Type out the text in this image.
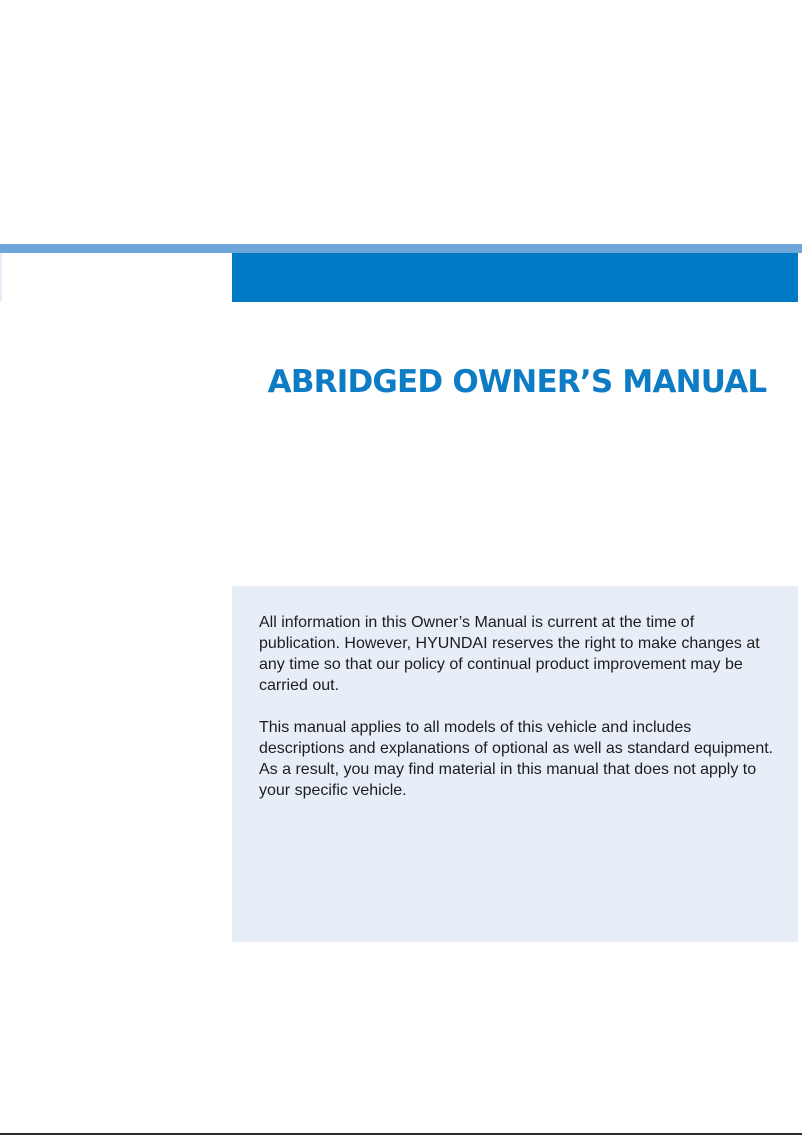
ABRIDGED OWNER’S MANUAL

All information in this Owner’s Manual is current at the time of publication. However, HYUNDAI reserves the right to make changes at any time so that our policy of continual product improvement may be carried out.

This manual applies to all models of this vehicle and includes descriptions and explanations of optional as well as standard equipment.

As a result, you may find material in this manual that does not apply to your specific vehicle.
